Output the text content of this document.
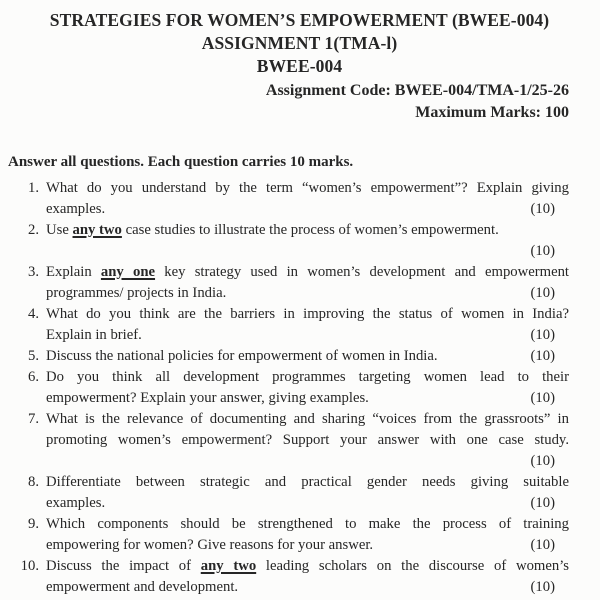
STRATEGIES FOR WOMEN’S EMPOWERMENT (BWEE-004)
ASSIGNMENT 1(TMA-l)
BWEE-004
Assignment Code: BWEE-004/TMA-1/25-26
Maximum Marks: 100

Answer all questions. Each question carries 10 marks.

1. What do you understand by the term “women’s empowerment”? Explain giving
(10)
examples.
2. Use any two case studies to illustrate the process of women’s empowerment.
(10)
3. Explain any one key strategy used in women’s development and empowerment
(10)
programmes/ projects in India.
4. What do you think are the barriers in improving the status of women in India?
(10)
Explain in brief.
5.	(10)
Discuss the national policies for empowerment of women in India.
6. Do you think all development programmes targeting women lead to their
(10)
empowerment? Explain your answer, giving examples.
7. What is the relevance of documenting and sharing “voices from the grassroots” in
promoting women’s empowerment? Support your answer with one case study.
(10)
8. Differentiate between strategic and practical gender needs giving suitable
(10)
examples.
9. Which components should be strengthened to make the process of training
(10)
empowering for women? Give reasons for your answer.
10. Discuss the impact of any two leading scholars on the discourse of women’s
(10)
empowerment and development.
